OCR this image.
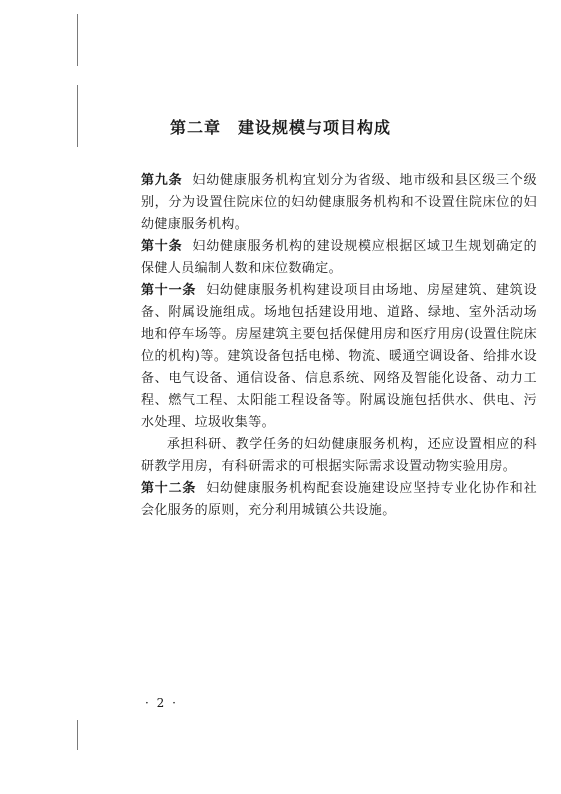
第二章　建设规模与项目构成

第九条 妇幼健康服务机构宜划分为省级、地市级和县区级三个级别，分为设置住院床位的妇幼健康服务机构和不设置住院床位的妇幼健康服务机构。

第十条 妇幼健康服务机构的建设规模应根据区域卫生规划确定的保健人员编制人数和床位数确定。

第十一条 妇幼健康服务机构建设项目由场地、房屋建筑、建筑设备、附属设施组成。场地包括建设用地、道路、绿地、室外活动场地和停车场等。房屋建筑主要包括保健用房和医疗用房(设置住院床位的机构)等。建筑设备包括电梯、物流、暖通空调设备、给排水设备、电气设备、通信设备、信息系统、网络及智能化设备、动力工程、燃气工程、太阳能工程设备等。附属设施包括供水、供电、污水处理、垃圾收集等。

承担科研、教学任务的妇幼健康服务机构，还应设置相应的科研教学用房，有科研需求的可根据实际需求设置动物实验用房。

第十二条 妇幼健康服务机构配套设施建设应坚持专业化协作和社会化服务的原则，充分利用城镇公共设施。

· 2 ·
